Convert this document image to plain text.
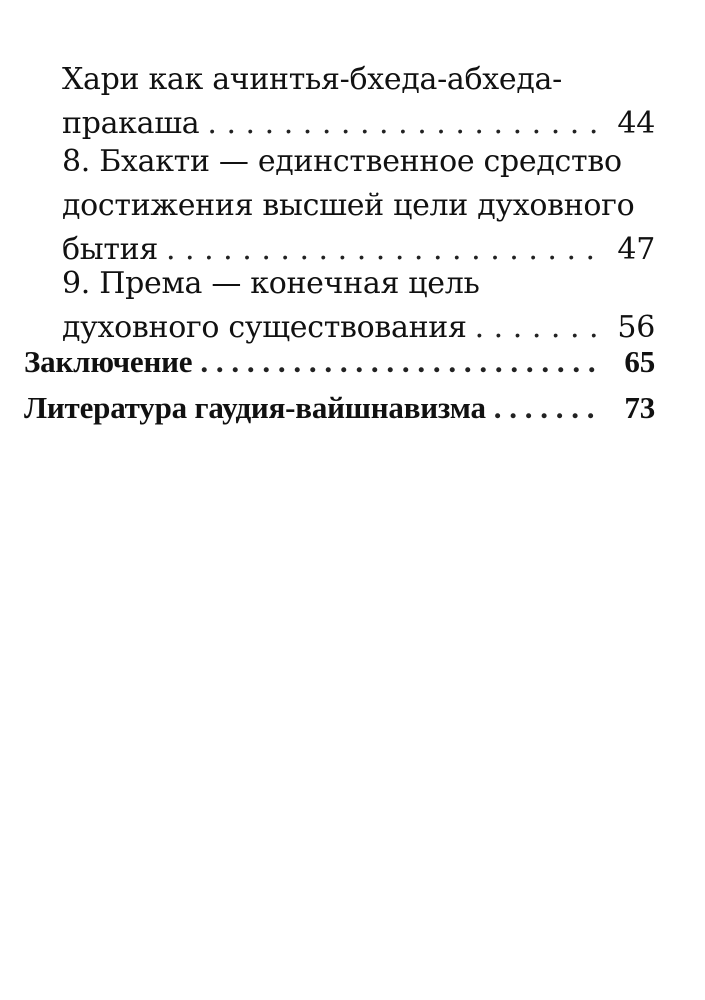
Хари как ачинтья-бхеда-абхеда-
пракаша . . .	44
8. Бхакти — единственное средство
достижения высшей цели духовного
бытия . . .	47
9. Према — конечная цель
духовного существования . . .	56
Заключение . . .	65
Литература гаудия-вайшнавизма . . .	73
